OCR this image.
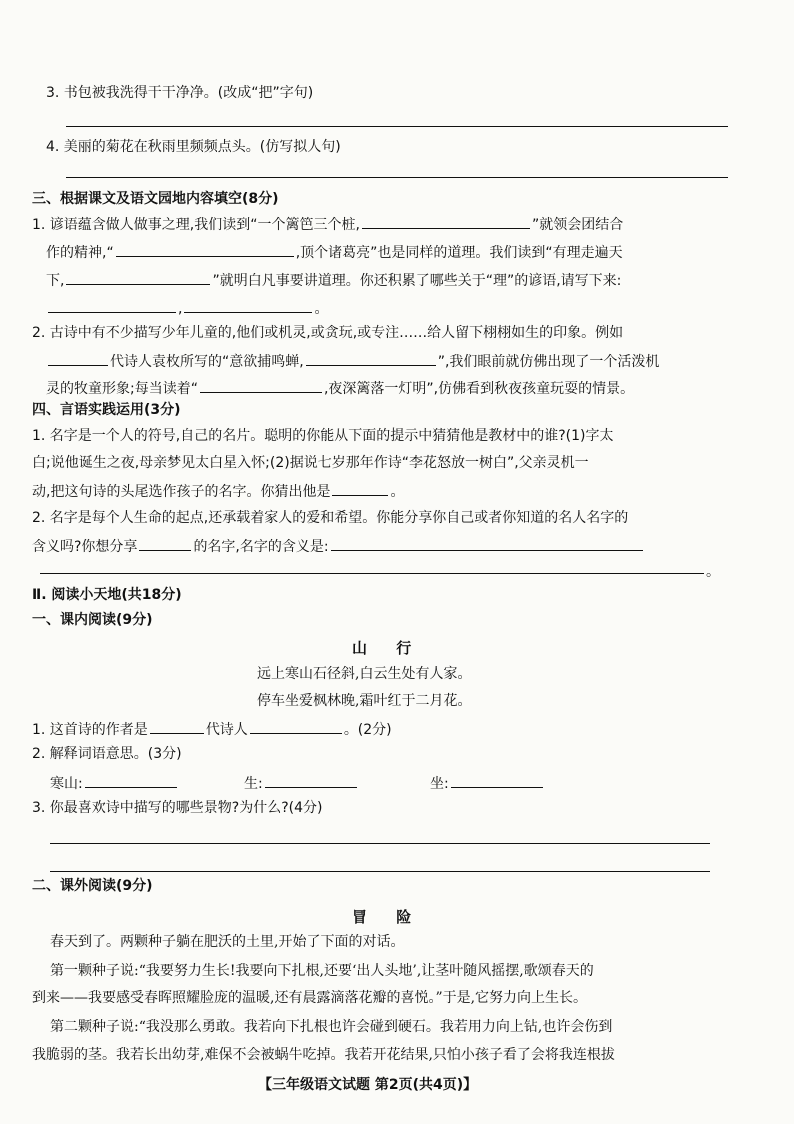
3. 书包被我洗得干干净净。(改成“把”字句)
4. 美丽的菊花在秋雨里频频点头。(仿写拟人句)
三、根据课文及语文园地内容填空(8分)
1. 谚语蕴含做人做事之理,我们读到“一个篱笆三个桩,	”就领会团结合
作的精神,“	,顶个诸葛亮”也是同样的道理。我们读到“有理走遍天
下,	”就明白凡事要讲道理。你还积累了哪些关于“理”的谚语,请写下来:
,	。
2. 古诗中有不少描写少年儿童的,他们或机灵,或贪玩,或专注……给人留下栩栩如生的印象。例如
代诗人袁枚所写的“意欲捕鸣蝉,	”,我们眼前就仿佛出现了一个活泼机
灵的牧童形象;每当读着“	,夜深篱落一灯明”,仿佛看到秋夜孩童玩耍的情景。
四、言语实践运用(3分)
1. 名字是一个人的符号,自己的名片。聪明的你能从下面的提示中猜猜他是教材中的谁?(1)字太
白;说他诞生之夜,母亲梦见太白星入怀;(2)据说七岁那年作诗“李花怒放一树白”,父亲灵机一
动,把这句诗的头尾选作孩子的名字。你猜出他是	。
2. 名字是每个人生命的起点,还承载着家人的爱和希望。你能分享你自己或者你知道的名人名字的
含义吗?你想分享	的名字,名字的含义是:
。
Ⅱ. 阅读小天地(共18分)
一、课内阅读(9分)
山 行
远上寒山石径斜,白云生处有人家。
停车坐爱枫林晚,霜叶红于二月花。
1. 这首诗的作者是	代诗人	。(2分)
2. 解释词语意思。(3分)
寒山:	生:	坐:
3. 你最喜欢诗中描写的哪些景物?为什么?(4分)
二、课外阅读(9分)
冒 险
春天到了。两颗种子躺在肥沃的土里,开始了下面的对话。
第一颗种子说:“我要努力生长!我要向下扎根,还要‘出人头地’,让茎叶随风摇摆,歌颂春天的
到来——我要感受春晖照耀脸庞的温暖,还有晨露滴落花瓣的喜悦。”于是,它努力向上生长。
第二颗种子说:“我没那么勇敢。我若向下扎根也许会碰到硬石。我若用力向上钻,也许会伤到
我脆弱的茎。我若长出幼芽,难保不会被蜗牛吃掉。我若开花结果,只怕小孩子看了会将我连根拔
【三年级语文试题 第2页(共4页)】
